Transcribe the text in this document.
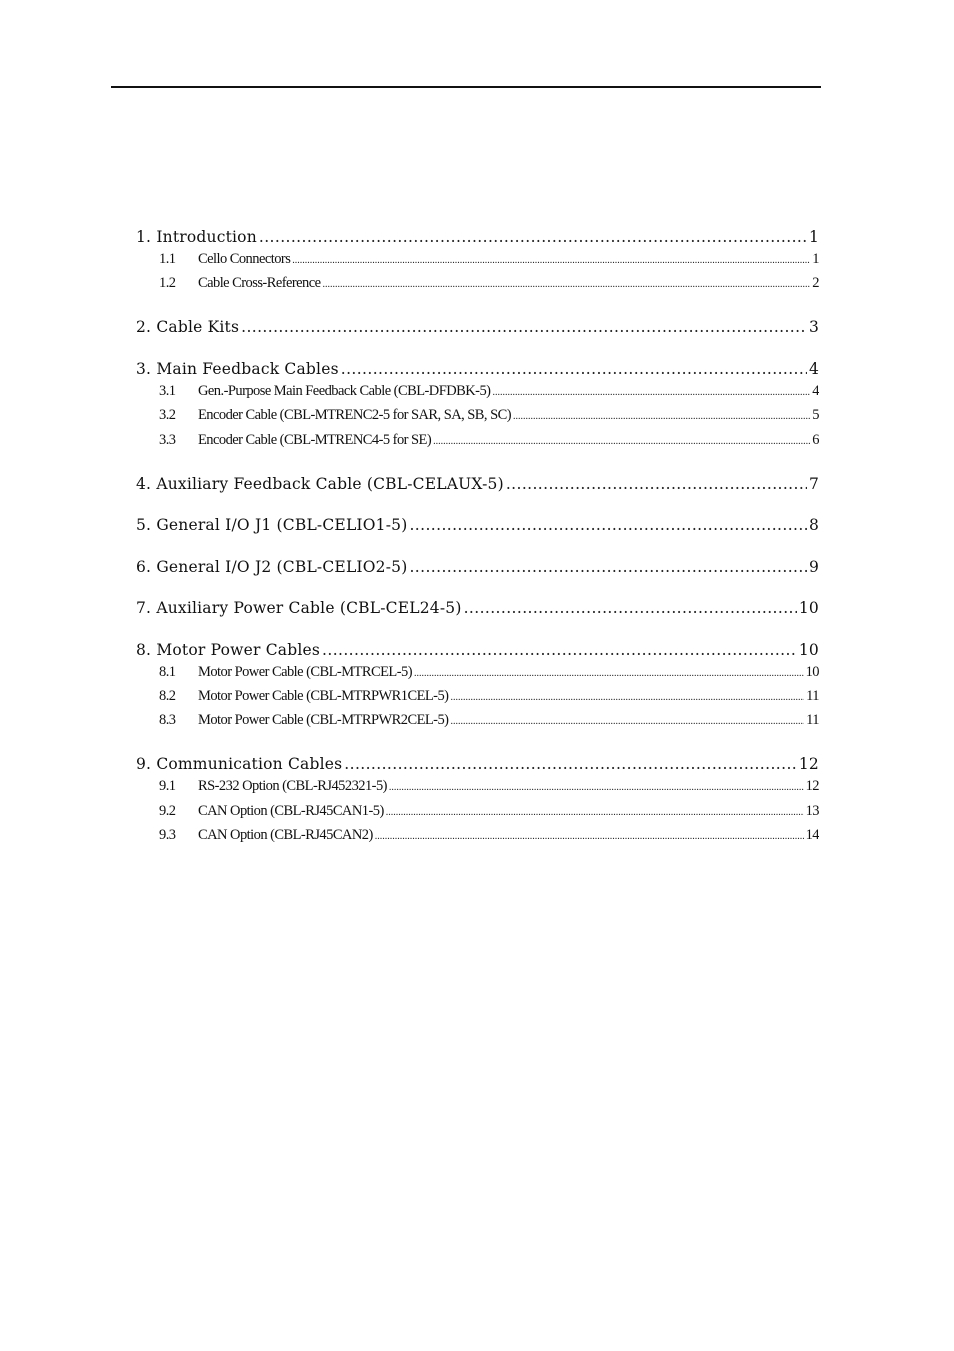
1. Introduction .....	1
1.1	Cello Connectors .....	1
1.2	Cable Cross-Reference .....	2
2. Cable Kits .....	3
3. Main Feedback Cables .....	4
3.1	Gen.-Purpose Main Feedback Cable (CBL-DFDBK-5) .....	4
3.2	Encoder Cable (CBL-MTRENC2-5 for SAR, SA, SB, SC) .....	5
3.3	Encoder Cable (CBL-MTRENC4-5 for SE) .....	6
4. Auxiliary Feedback Cable (CBL-CELAUX-5) .....	7
5. General I/O J1 (CBL-CELIO1-5) .....	8
6. General I/O J2 (CBL-CELIO2-5) .....	9
7. Auxiliary Power Cable (CBL-CEL24-5) .....	10
8. Motor Power Cables .....	10
8.1	Motor Power Cable (CBL-MTRCEL-5) .....	10
8.2	Motor Power Cable (CBL-MTRPWR1CEL-5) .....	11
8.3	Motor Power Cable (CBL-MTRPWR2CEL-5) .....	11
9. Communication Cables .....	12
9.1	RS-232 Option (CBL-RJ452321-5) .....	12
9.2	CAN Option (CBL-RJ45CAN1-5) .....	13
9.3	CAN Option (CBL-RJ45CAN2) .....	14
